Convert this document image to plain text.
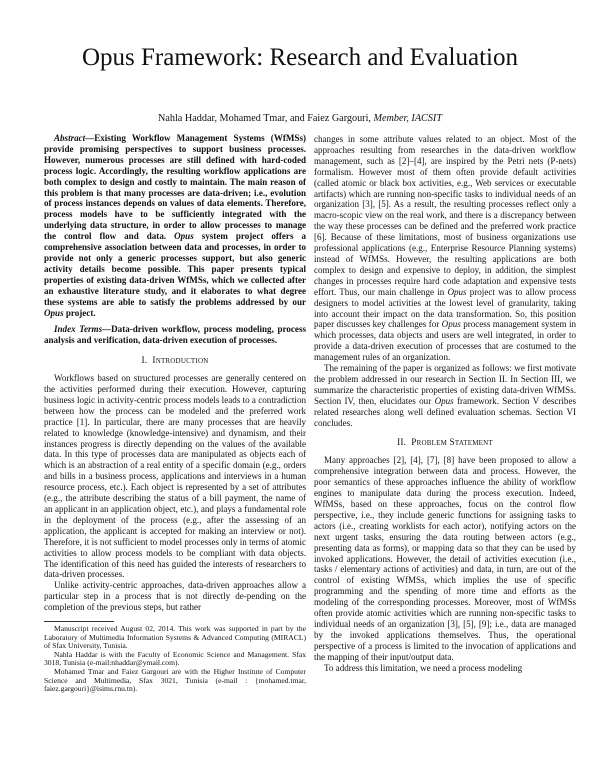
Opus Framework: Research and Evaluation
Nahla Haddar, Mohamed Tmar, and Faiez Gargouri, Member, IACSIT

Abstract—Existing Workflow Management Systems (WfMSs) provide promising perspectives to support business processes. However, numerous processes are still defined with hard-coded process logic. Accordingly, the resulting workflow applications are both complex to design and costly to maintain. The main reason of this problem is that many processes are data-driven; i.e., evolution of process instances depends on values of data elements. Therefore, process models have to be sufficiently integrated with the underlying data structure, in order to allow processes to manage the control flow and data. Opus system project offers a comprehensive association between data and processes, in order to provide not only a generic processes support, but also generic activity details become possible. This paper presents typical properties of existing data-driven WfMSs, which we collected after an exhaustive literature study, and it elaborates to what degree these systems are able to satisfy the problems addressed by our Opus project.

Index Terms—Data-driven workflow, process modeling, process analysis and verification, data-driven execution of processes.

I. Introduction

Workflows based on structured processes are generally centered on the activities performed during their execution. However, capturing business logic in activity-centric process models leads to a contradiction between how the process can be modeled and the preferred work practice [1]. In particular, there are many processes that are heavily related to knowledge (knowledge-intensive) and dynamism, and their instances progress is directly depending on the values of the available data. In this type of processes data are manipulated as objects each of which is an abstraction of a real entity of a specific domain (e.g., orders and bills in a business process, applications and interviews in a human resource process, etc.). Each object is represented by a set of attributes (e.g., the attribute describing the status of a bill payment, the name of an applicant in an application object, etc.), and plays a fundamental role in the deployment of the process (e.g., after the assessing of an application, the applicant is accepted for making an interview or not). Therefore, it is not sufficient to model processes only in terms of atomic activities to allow process models to be compliant with data objects. The identification of this need has guided the interests of researchers to data-driven processes.

Unlike activity-centric approaches, data-driven approaches allow a particular step in a process that is not directly de-pending on the completion of the previous steps, but rather

Manuscript received August 02, 2014. This work was supported in part by the Laboratory of Multimedia Information Systems & Advanced Computing (MIRACL) of Sfax University, Tunisia.

Nahla Haddar is with the Faculty of Economic Science and Management. Sfax 3018, Tunisia (e-mail:nhaddar@ymail.com).

Mohamed Tmar and Faiez Gargouri are with the Higher Institute of Computer Science and Multimedia, Sfax 3021, Tunisia (e-mail : {mohamed.tmar, faiez.gargouri}@isims.rnu.tn).

changes in some attribute values related to an object. Most of the approaches resulting from researches in the data-driven workflow management, such as [2]–[4], are inspired by the Petri nets (P-nets) formalism. However most of them often provide default activities (called atomic or black box activities, e.g., Web services or executable artifacts) which are running non-specific tasks to individual needs of an organization [3], [5]. As a result, the resulting processes reflect only a macro-scopic view on the real work, and there is a discrepancy between the way these processes can be defined and the preferred work practice [6]. Because of these limitations, most of business organizations use professional applications (e.g., Enterprise Resource Planning systems) instead of WfMSs. However, the resulting applications are both complex to design and expensive to deploy, in addition, the simplest changes in processes require hard code adaptation and expensive tests effort. Thus, our main challenge in Opus project was to allow process designers to model activities at the lowest level of granularity, taking into account their impact on the data transformation. So, this position paper discusses key challenges for Opus process management system in which processes, data objects and users are well integrated, in order to provide a data-driven execution of processes that are costumed to the management rules of an organization.

The remaining of the paper is organized as follows: we first motivate the problem addressed in our research in Section II. In Section III, we summarize the characteristic properties of existing data-driven WfMSs. Section IV, then, elucidates our Opus framework. Section V describes related researches along well defined evaluation schemas. Section VI concludes.

II. Problem Statement

Many approaches [2], [4], [7], [8] have been proposed to allow a comprehensive integration between data and process. However, the poor semantics of these approaches influence the ability of workflow engines to manipulate data during the process execution. Indeed, WfMSs, based on these approaches, focus on the control flow perspective, i.e., they include generic functions for assigning tasks to actors (i.e., creating worklists for each actor), notifying actors on the next urgent tasks, ensuring the data routing between actors (e.g., presenting data as forms), or mapping data so that they can be used by invoked applications. However, the detail of activities execution (i.e., tasks / elementary actions of activities) and data, in turn, are out of the control of existing WfMSs, which implies the use of specific programming and the spending of more time and efforts as the modeling of the corresponding processes. Moreover, most of WfMSs often provide atomic activities which are running non-specific tasks to individual needs of an organization [3], [5], [9]; i.e., data are managed by the invoked applications themselves. Thus, the operational perspective of a process is limited to the invocation of applications and the mapping of their input/output data.

To address this limitation, we need a process modeling
